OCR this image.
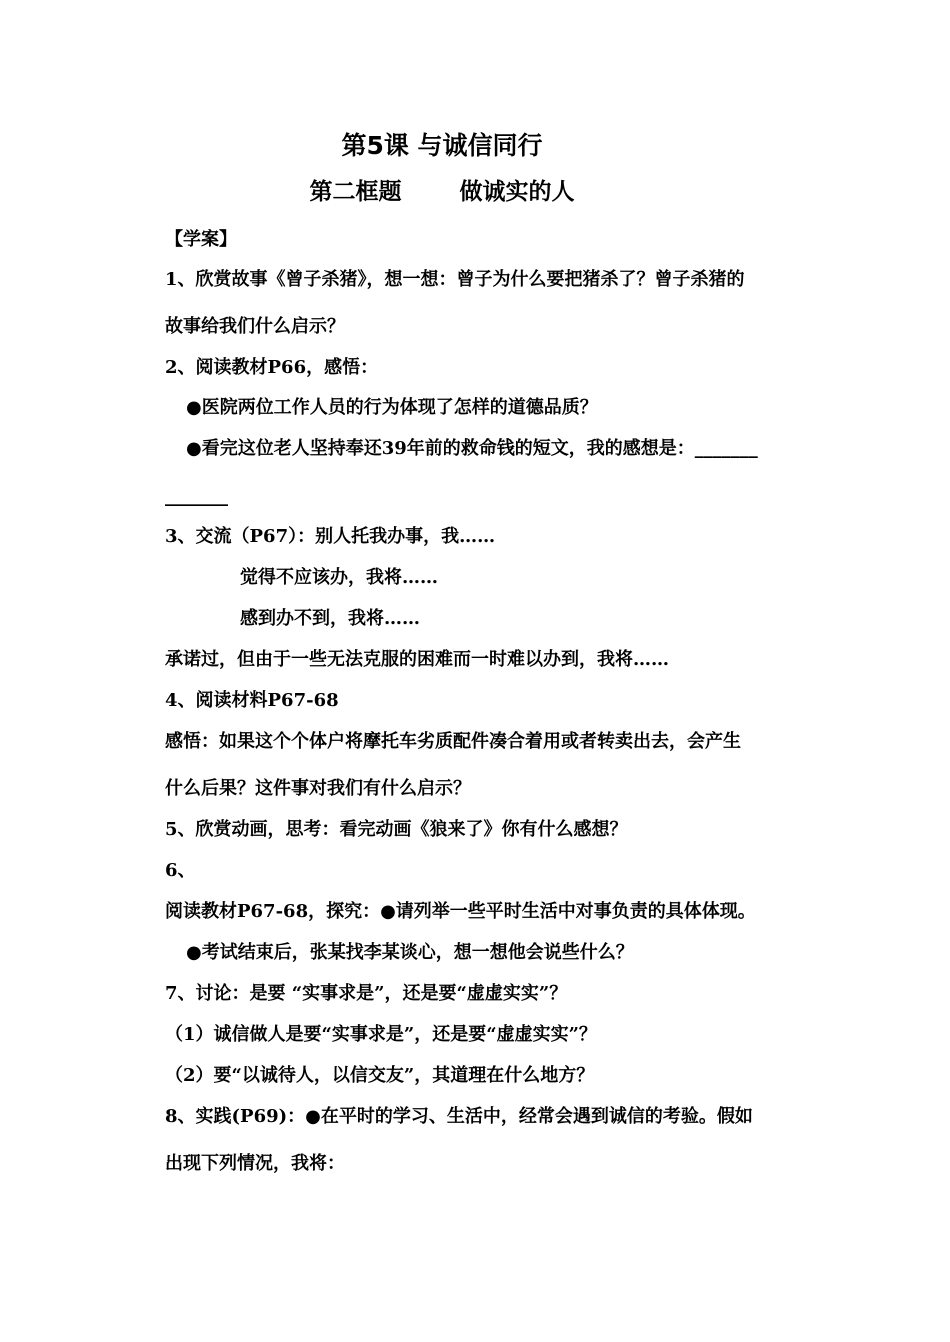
第5课 与诚信同行
第二框题	做诚实的人
【学案】
1、欣赏故事《曾子杀猪》，想一想：曾子为什么要把猪杀了？曾子杀猪的
故事给我们什么启示？
2、阅读教材P66，感悟：
●医院两位工作人员的行为体现了怎样的道德品质？
●看完这位老人坚持奉还39年前的救命钱的短文，我的感想是：_______
_______
3、交流（P67）：别人托我办事，我……
觉得不应该办，我将……
感到办不到，我将……
承诺过，但由于一些无法克服的困难而一时难以办到，我将……
4、阅读材料P67-68
感悟：如果这个个体户将摩托车劣质配件凑合着用或者转卖出去，会产生
什么后果？这件事对我们有什么启示？
5、欣赏动画，思考：看完动画《狼来了》你有什么感想？
6、
阅读教材P67-68，探究：●请列举一些平时生活中对事负责的具体体现。
●考试结束后，张某找李某谈心，想一想他会说些什么？
7、讨论：是要 “实事求是”，还是要“虚虚实实”？
（1）诚信做人是要“实事求是”，还是要“虚虚实实”？
（2）要“以诚待人，以信交友”，其道理在什么地方？
8、实践(P69)：●在平时的学习、生活中，经常会遇到诚信的考验。假如
出现下列情况，我将：
